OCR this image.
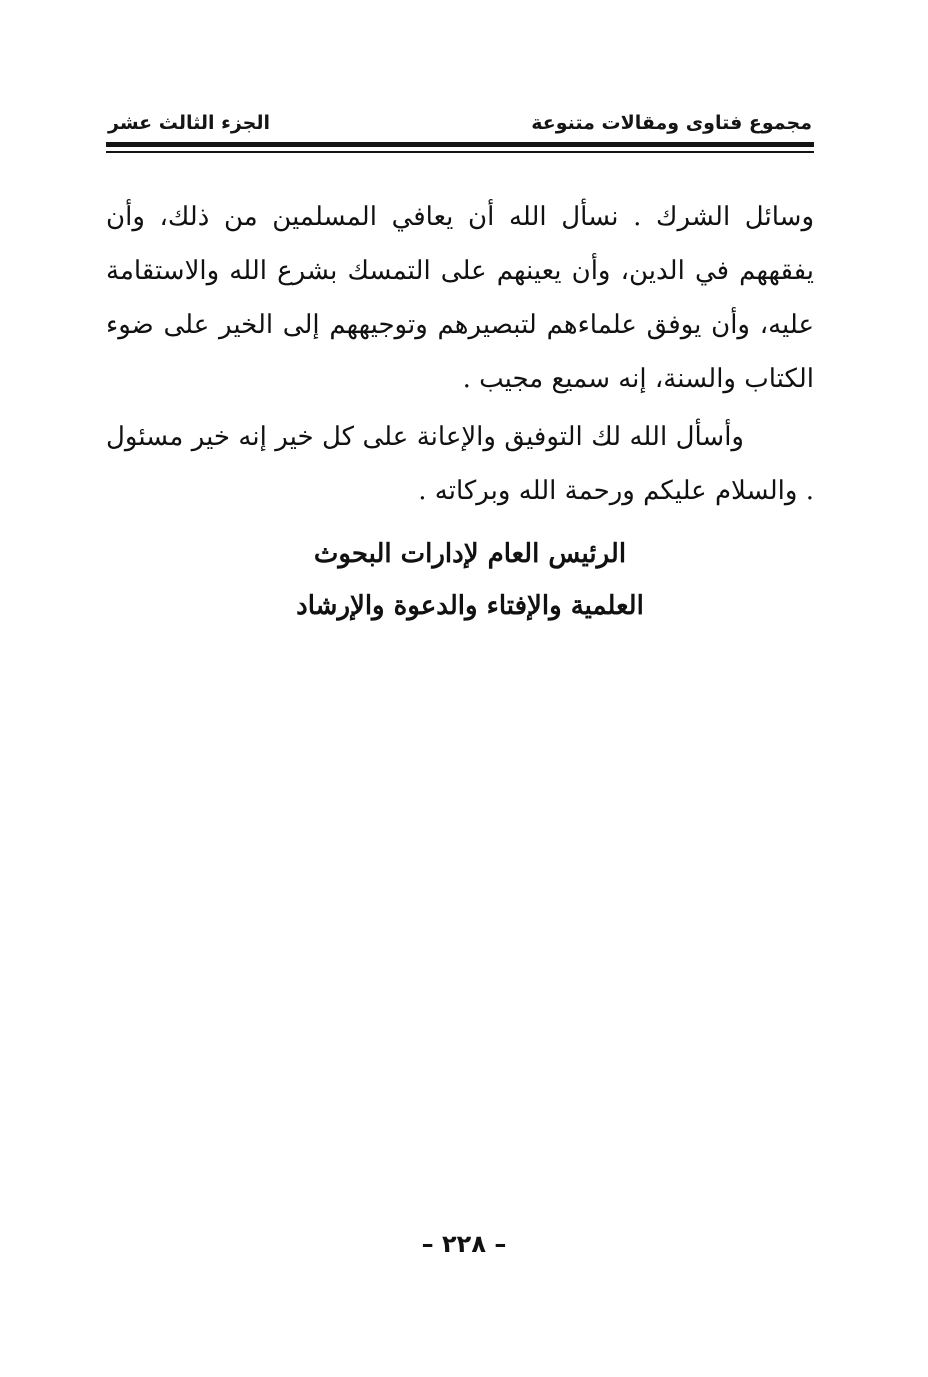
مجموع فتاوى ومقالات متنوعة
الجزء الثالث عشر

وسائل الشرك . نسأل الله أن يعافي المسلمين من ذلك، وأن يفقههم في الدين، وأن يعينهم على التمسك بشرع الله والاستقامة عليه، وأن يوفق علماءهم لتبصيرهم وتوجيههم إلى الخير على ضوء الكتاب والسنة، إنه سميع مجيب .

وأسأل الله لك التوفيق والإعانة على كل خير إنه خير مسئول . والسلام عليكم ورحمة الله وبركاته .

الرئيس العام لإدارات البحوث
العلمية والإفتاء والدعوة والإرشاد
– ٢٢٨ –
